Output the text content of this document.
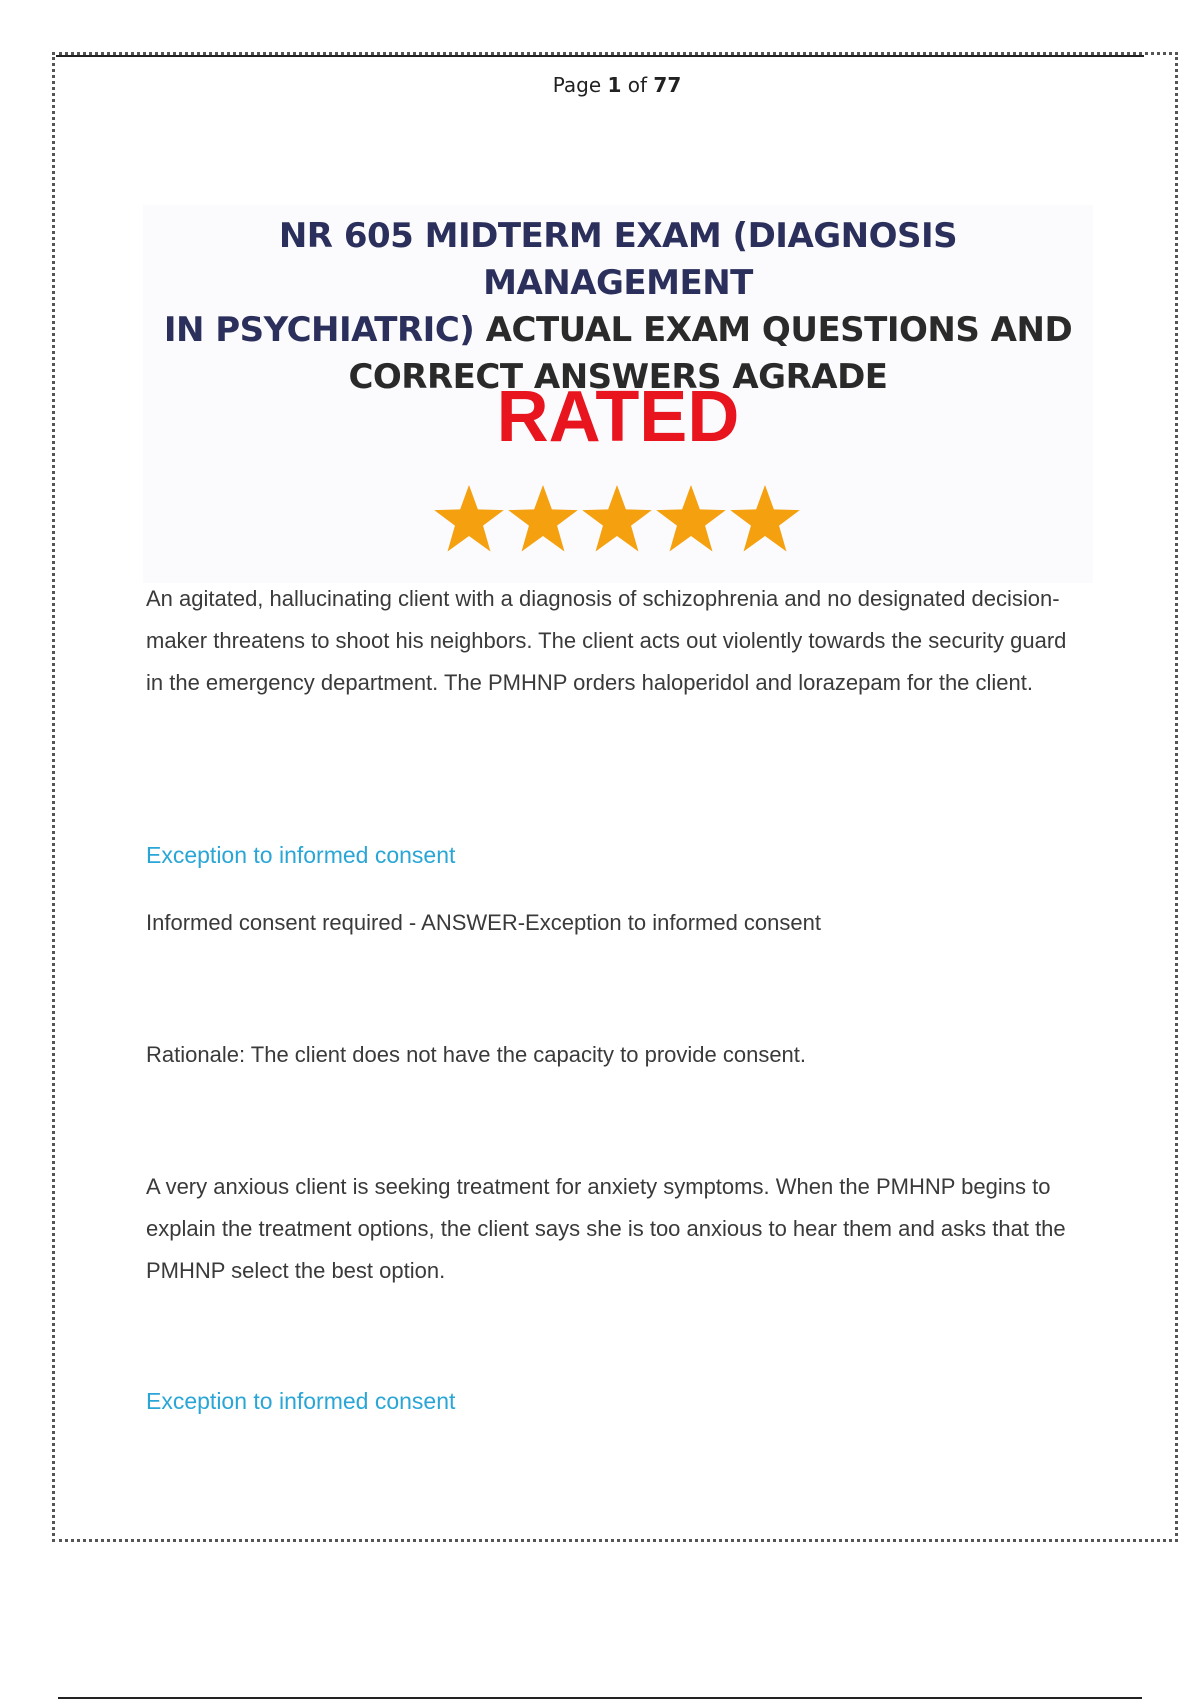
Page 1 of 77
NR 605 MIDTERM EXAM (DIAGNOSIS MANAGEMENT
IN PSYCHIATRIC) ACTUAL EXAM QUESTIONS AND
CORRECT ANSWERS AGRADE
RATED

An agitated, hallucinating client with a diagnosis of schizophrenia and no designated decision-maker threatens to shoot his neighbors. The client acts out violently towards the security guard in the emergency department. The PMHNP orders haloperidol and lorazepam for the client.

Exception to informed consent

Informed consent required - ANSWER-Exception to informed consent

Rationale: The client does not have the capacity to provide consent.

A very anxious client is seeking treatment for anxiety symptoms. When the PMHNP begins to explain the treatment options, the client says she is too anxious to hear them and asks that the PMHNP select the best option.

Exception to informed consent
